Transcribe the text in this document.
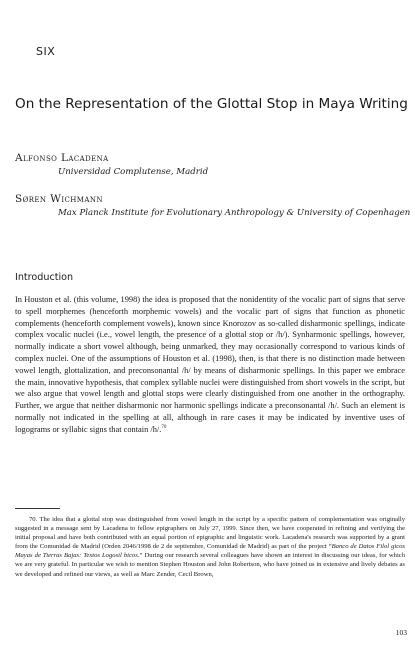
SIX
On the Representation of the Glottal Stop in Maya Writing
Alfonso Lacadena
Universidad Complutense, Madrid
Søren Wichmann
Max Planck Institute for Evolutionary Anthropology & University of Copenhagen
Introduction
In Houston et al. (this volume, 1998) the idea is proposed that the nonidentity of the vocalic part of signs that serve to spell morphemes (henceforth morphemic vowels) and the vocalic part of signs that function as phonetic complements (henceforth complement vowels), known since Knorozov as so-called disharmonic spellings, indicate complex vocalic nuclei (i.e., vowel length, the presence of a glottal stop or /h/). Synharmonic spellings, however, normally indicate a short vowel although, being unmarked, they may occasionally correspond to various kinds of complex nuclei. One of the assumptions of Houston et al. (1998), then, is that there is no distinction made between vowel length, glottalization, and preconsonantal /h/ by means of disharmonic spellings. In this paper we embrace the main, innovative hypothesis, that complex syllable nuclei were distinguished from short vowels in the script, but we also argue that vowel length and glottal stops were clearly distinguished from one another in the orthography. Further, we argue that neither disharmonic nor harmonic spellings indicate a preconsonantal /h/. Such an element is normally not indicated in the spelling at all, although in rare cases it may be indicated by inventive uses of logograms or syllabic signs that contain /h/.$^{70}$
70. The idea that a glottal stop was distinguished from vowel length in the script by a specific pattern of complementation was originally suggested in a message sent by Lacadena to fellow epigraphers on July 27, 1999. Since then, we have cooperated in refining and verifying the initial proposal and have both contributed with an equal portion of epigraphic and linguistic work. Lacadena's research was supported by a grant from the Comunidad de Madrid (Orden 2046/1998 de 2 de septiembre, Comunidad de Madrid) as part of the project “Banco de Datos Filol gicos Mayas de Tierras Bajas: Textos Logosil bicos.” During our research several colleagues have shown an interest in discussing our ideas, for which we are very grateful. In particular we wish to mention Stephen Houston and John Robertson, who have joined us in extensive and lively debates as we developed and refined our views, as well as Marc Zender, Cecil Brown,
103
